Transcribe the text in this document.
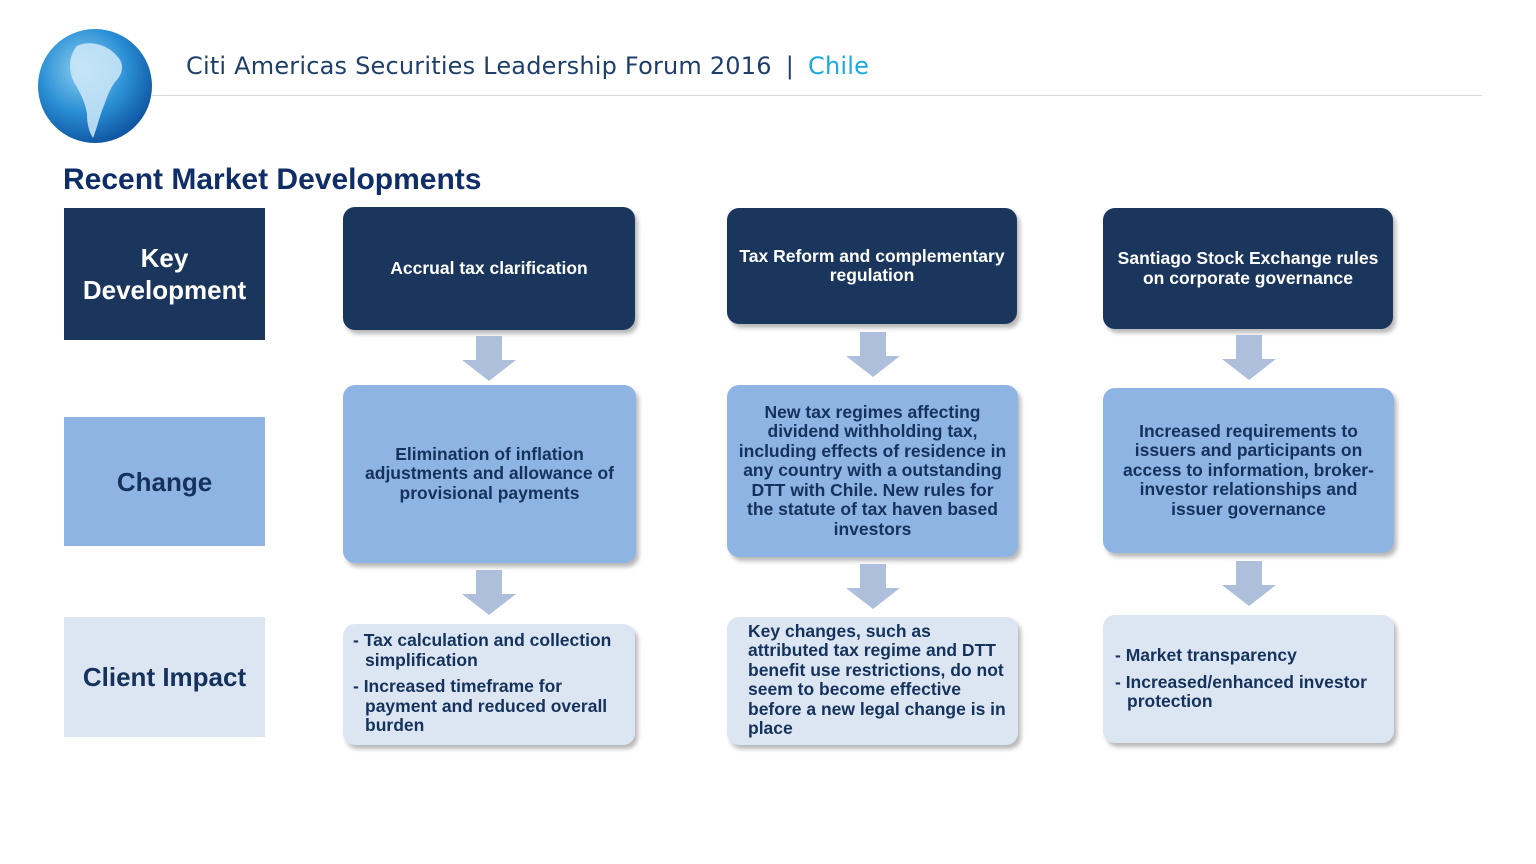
Citi Americas Securities Leadership Forum 2016 | Chile
Recent Market Developments
Key Development
Change
Client Impact
Accrual tax clarification
Elimination of inflation adjustments and allowance of provisional payments
- Tax calculation and collection simplification
- Increased timeframe for payment and reduced overall burden
Tax Reform and complementary regulation
New tax regimes affecting dividend withholding tax, including effects of residence in any country with a outstanding DTT with Chile. New rules for the statute of tax haven based investors
Key changes, such as attributed tax regime and DTT benefit use restrictions, do not seem to become effective before a new legal change is in place
Santiago Stock Exchange rules on corporate governance
Increased requirements to issuers and participants on access to information, broker-investor relationships and issuer governance
- Market transparency
- Increased/enhanced investor protection
